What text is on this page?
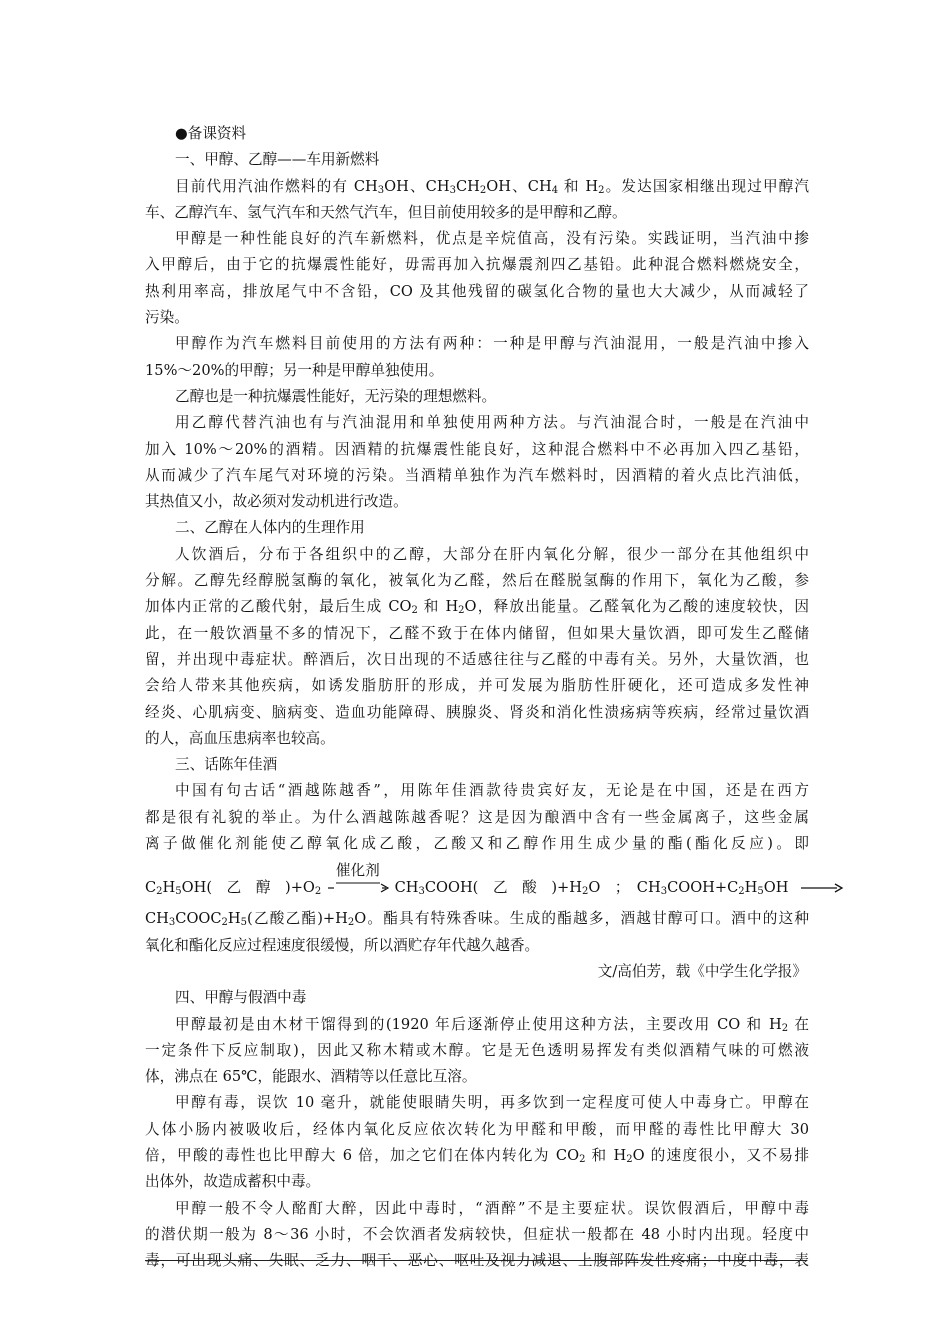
●备课资料
一、甲醇、乙醇——车用新燃料
目前代用汽油作燃料的有 $CH_3OH$、$CH_3CH_2OH$、$CH_4$ 和 $H_2$。发达国家相继出现过甲醇汽
车、乙醇汽车、氢气汽车和天然气汽车，但目前使用较多的是甲醇和乙醇。
甲醇是一种性能良好的汽车新燃料，优点是辛烷值高，没有污染。实践证明，当汽油中掺
入甲醇后，由于它的抗爆震性能好，毋需再加入抗爆震剂四乙基铅。此种混合燃料燃烧安全，
热利用率高，排放尾气中不含铅，CO 及其他残留的碳氢化合物的量也大大减少，从而减轻了
污染。
甲醇作为汽车燃料目前使用的方法有两种：一种是甲醇与汽油混用，一般是汽油中掺入
15%～20%的甲醇；另一种是甲醇单独使用。
乙醇也是一种抗爆震性能好，无污染的理想燃料。
用乙醇代替汽油也有与汽油混用和单独使用两种方法。与汽油混合时，一般是在汽油中
加入 10%～20%的酒精。因酒精的抗爆震性能良好，这种混合燃料中不必再加入四乙基铅，
从而减少了汽车尾气对环境的污染。当酒精单独作为汽车燃料时，因酒精的着火点比汽油低，
其热值又小，故必须对发动机进行改造。
二、乙醇在人体内的生理作用
人饮酒后，分布于各组织中的乙醇，大部分在肝内氧化分解，很少一部分在其他组织中
分解。乙醇先经醇脱氢酶的氧化，被氧化为乙醛，然后在醛脱氢酶的作用下，氧化为乙酸，参
加体内正常的乙酸代射，最后生成 $CO_2$ 和 $H_2O$，释放出能量。乙醛氧化为乙酸的速度较快，因
此，在一般饮酒量不多的情况下，乙醛不致于在体内储留，但如果大量饮酒，即可发生乙醛储
留，并出现中毒症状。醉酒后，次日出现的不适感往往与乙醛的中毒有关。另外，大量饮酒，也
会给人带来其他疾病，如诱发脂肪肝的形成，并可发展为脂肪性肝硬化，还可造成多发性神
经炎、心肌病变、脑病变、造血功能障碍、胰腺炎、肾炎和消化性溃疡病等疾病，经常过量饮酒
的人，高血压患病率也较高。
三、话陈年佳酒
中国有句古话“酒越陈越香”，用陈年佳酒款待贵宾好友，无论是在中国，还是在西方
都是很有礼貌的举止。为什么酒越陈越香呢？这是因为酿酒中含有一些金属离子，这些金属
离子做催化剂能使乙醇氧化成乙酸，乙酸又和乙醇作用生成少量的酯(酯化反应)。即
$C_2H_5OH$(　乙　醇　)$+O_2$
催化剂
$CH_3COOH$(　乙　酸　)$+H_2O$　；　$CH_3COOH+C_2H_5OH$
$CH_3COOC_2H_5$(乙酸乙酯)$+H_2O$。酯具有特殊香味。生成的酯越多，酒越甘醇可口。酒中的这种
氧化和酯化反应过程速度很缓慢，所以酒贮存年代越久越香。
文/高伯芳，载《中学生化学报》
四、甲醇与假酒中毒
甲醇最初是由木材干馏得到的(1920 年后逐渐停止使用这种方法，主要改用 CO 和 $H_2$ 在
一定条件下反应制取)，因此又称木精或木醇。它是无色透明易挥发有类似酒精气味的可燃液
体，沸点在 65℃，能跟水、酒精等以任意比互溶。
甲醇有毒，误饮 10 毫升，就能使眼睛失明，再多饮到一定程度可使人中毒身亡。甲醇在
人体小肠内被吸收后，经体内氧化反应依次转化为甲醛和甲酸，而甲醛的毒性比甲醇大 30
倍，甲酸的毒性也比甲醇大 6 倍，加之它们在体内转化为 $CO_2$ 和 $H_2O$ 的速度很小，又不易排
出体外，故造成蓄积中毒。
甲醇一般不令人酩酊大醉，因此中毒时，“酒醉”不是主要症状。误饮假酒后，甲醇中毒
的潜伏期一般为 8～36 小时，不会饮酒者发病较快，但症状一般都在 48 小时内出现。轻度中
毒，可出现头痛、失眠、乏力、咽干、恶心、呕吐及视力减退、上腹部阵发性疼痛；中度中毒，表
